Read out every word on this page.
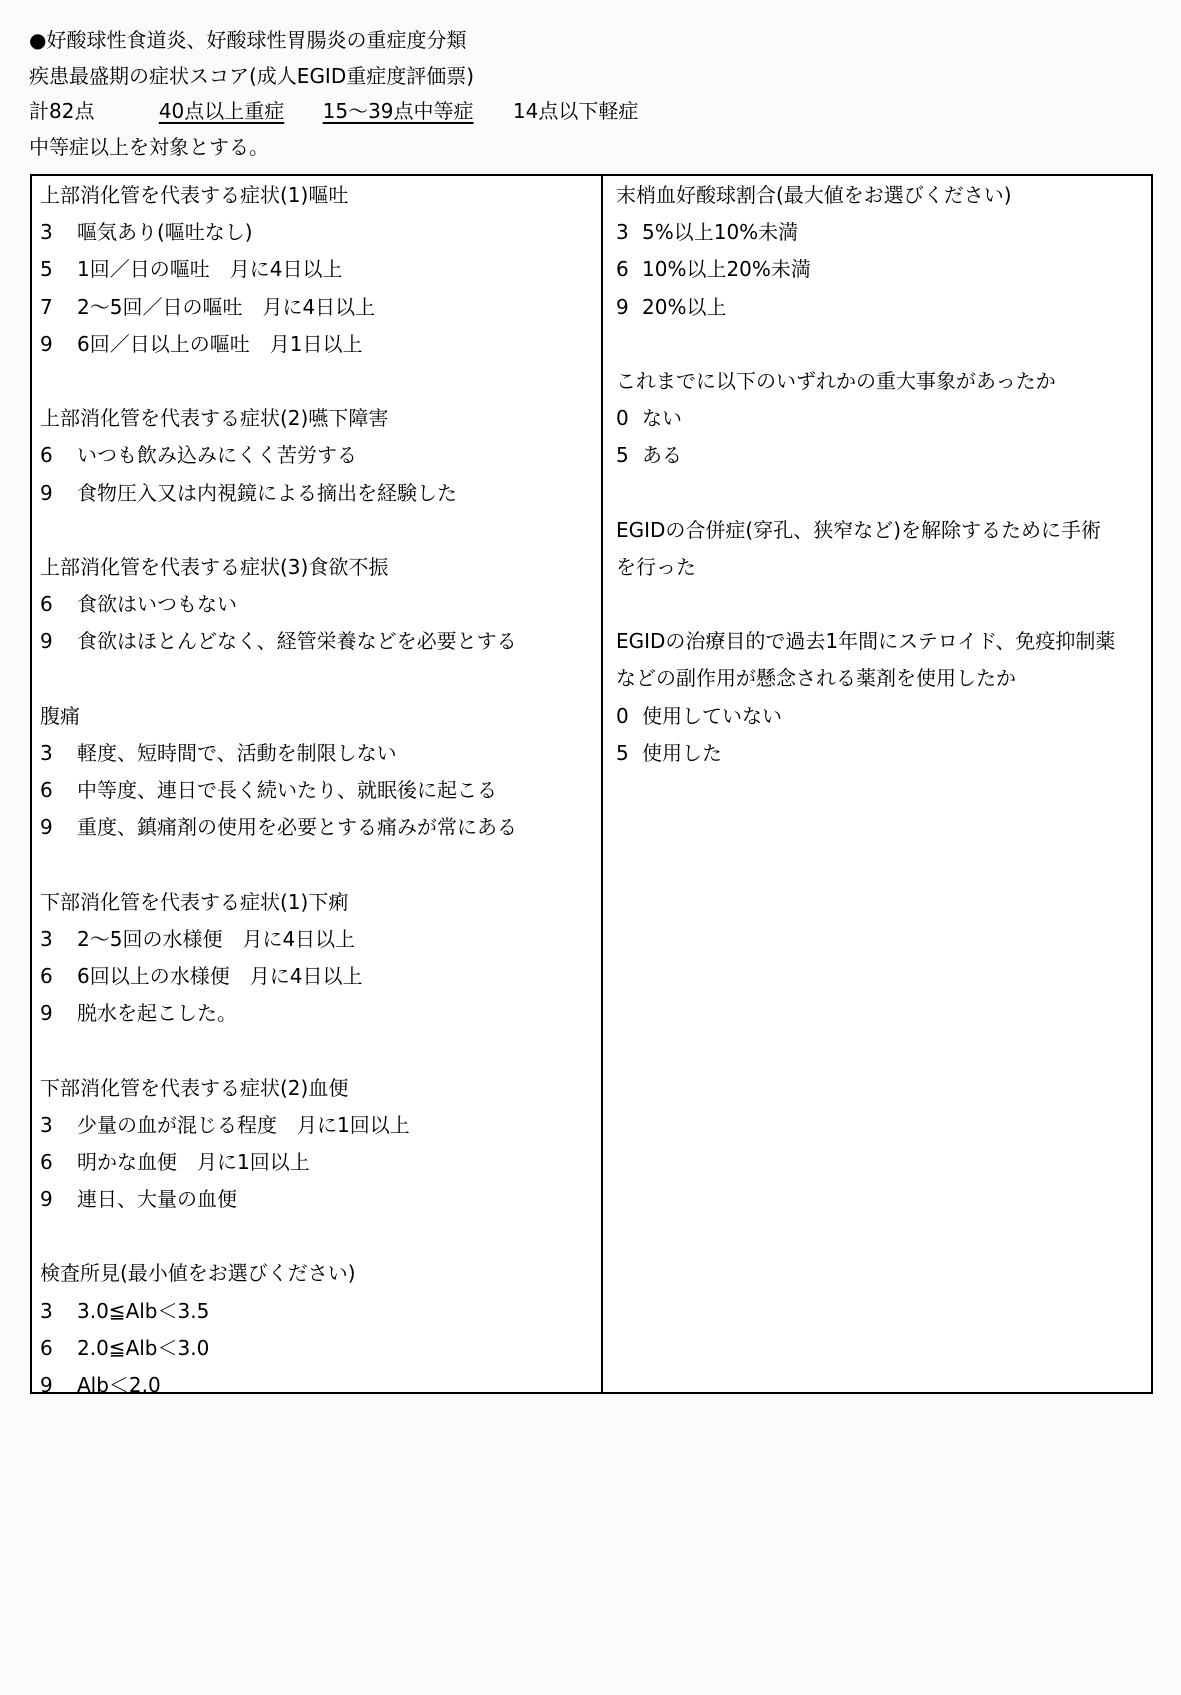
●好酸球性食道炎、好酸球性胃腸炎の重症度分類
疾患最盛期の症状スコア(成人EGID重症度評価票)
計82点	40点以上重症 15～39点中等症 14点以下軽症
中等症以上を対象とする。
上部消化管を代表する症状(1)嘔吐
3	嘔気あり(嘔吐なし)
5	1回／日の嘔吐　月に4日以上
7	2～5回／日の嘔吐　月に4日以上
9	6回／日以上の嘔吐　月1日以上
上部消化管を代表する症状(2)嚥下障害
6	いつも飲み込みにくく苦労する
9	食物圧入又は内視鏡による摘出を経験した
上部消化管を代表する症状(3)食欲不振
6	食欲はいつもない
9	食欲はほとんどなく、経管栄養などを必要とする
腹痛
3	軽度、短時間で、活動を制限しない
6	中等度、連日で長く続いたり、就眠後に起こる
9	重度、鎮痛剤の使用を必要とする痛みが常にある
下部消化管を代表する症状(1)下痢
3	2～5回の水様便　月に4日以上
6	6回以上の水様便　月に4日以上
9	脱水を起こした。
下部消化管を代表する症状(2)血便
3	少量の血が混じる程度　月に1回以上
6	明かな血便　月に1回以上
9	連日、大量の血便
検査所見(最小値をお選びください)
3	3.0≦Alb＜3.5
6	2.0≦Alb＜3.0
9	Alb＜2.0
末梢血好酸球割合(最大値をお選びください)
3 5%以上10%未満
6 10%以上20%未満
9 20%以上
これまでに以下のいずれかの重大事象があったか
0 ない
5 ある
EGIDの合併症(穿孔、狭窄など)を解除するために手術
を行った
EGIDの治療目的で過去1年間にステロイド、免疫抑制薬
などの副作用が懸念される薬剤を使用したか
0 使用していない
5 使用した
